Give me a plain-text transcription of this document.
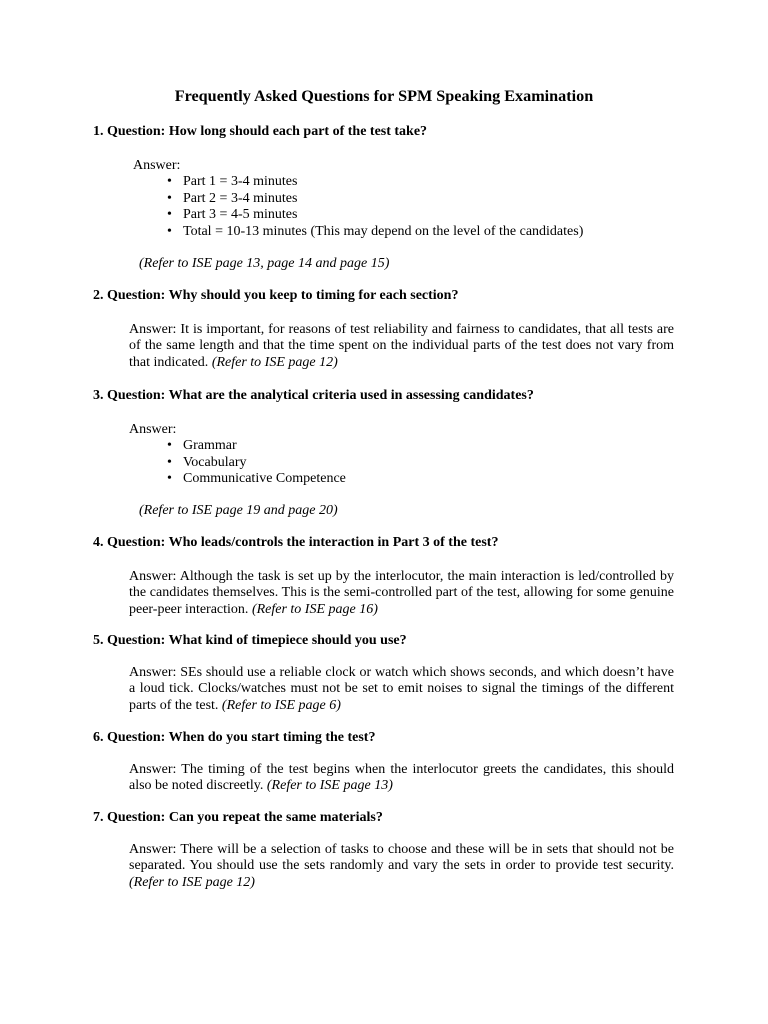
Frequently Asked Questions for SPM Speaking Examination

1. Question: How long should each part of the test take?

Answer:

• Part 1 = 3-4 minutes
• Part 2 = 3-4 minutes
• Part 3 = 4-5 minutes
• Total = 10-13 minutes (This may depend on the level of the candidates)

(Refer to ISE page 13, page 14 and page 15)

2. Question: Why should you keep to timing for each section?

Answer: It is important, for reasons of test reliability and fairness to candidates, that all tests are of the same length and that the time spent on the individual parts of the test does not vary from that indicated. (Refer to ISE page 12)

3. Question: What are the analytical criteria used in assessing candidates?

Answer:

• Grammar
• Vocabulary
• Communicative Competence

(Refer to ISE page 19 and page 20)

4. Question: Who leads/controls the interaction in Part 3 of the test?

Answer: Although the task is set up by the interlocutor, the main interaction is led/controlled by the candidates themselves. This is the semi-controlled part of the test, allowing for some genuine peer-peer interaction. (Refer to ISE page 16)

5. Question: What kind of timepiece should you use?

Answer: SEs should use a reliable clock or watch which shows seconds, and which doesn’t have a loud tick. Clocks/watches must not be set to emit noises to signal the timings of the different parts of the test. (Refer to ISE page 6)

6. Question: When do you start timing the test?

Answer: The timing of the test begins when the interlocutor greets the candidates, this should also be noted discreetly. (Refer to ISE page 13)

7. Question: Can you repeat the same materials?

Answer: There will be a selection of tasks to choose and these will be in sets that should not be separated. You should use the sets randomly and vary the sets in order to provide test security. (Refer to ISE page 12)
